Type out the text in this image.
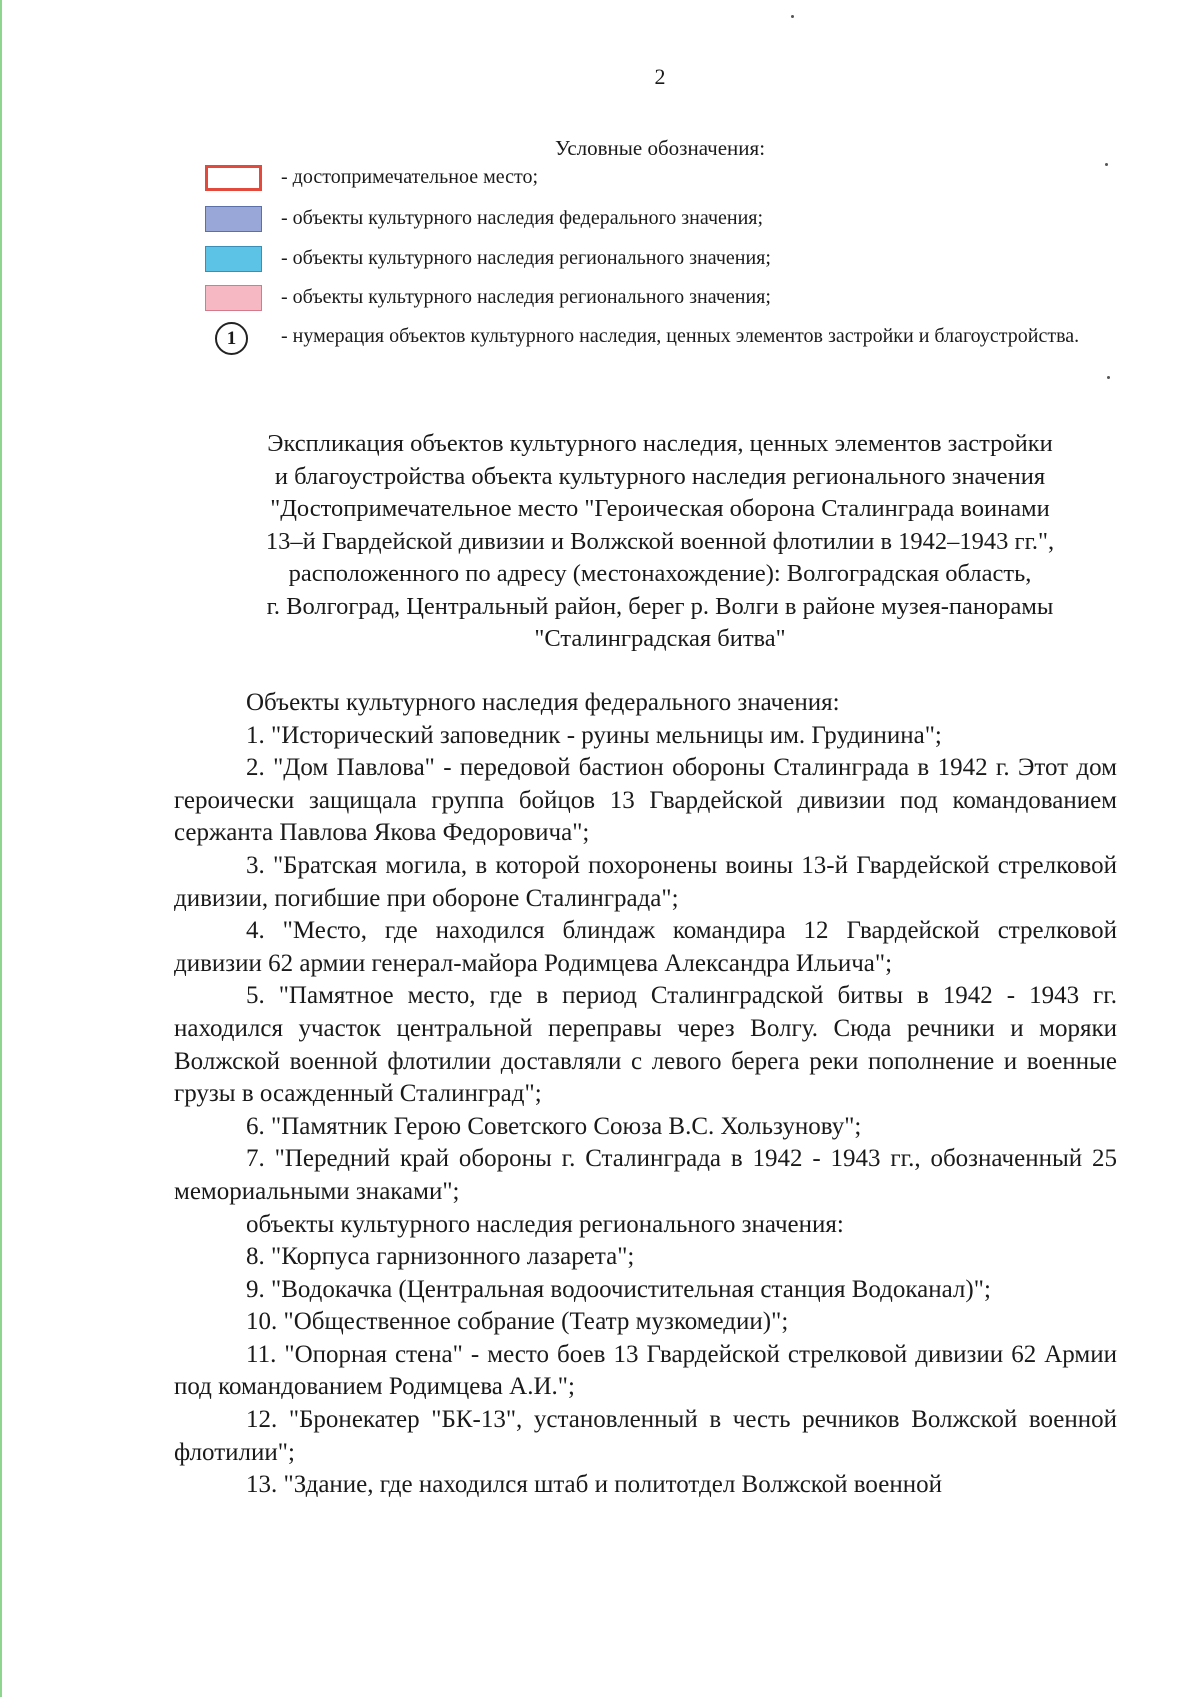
2
Условные обозначения:
- достопримечательное место;
- объекты культурного наследия федерального значения;
- объекты культурного наследия регионального значения;
- объекты культурного наследия регионального значения;
1	- нумерация объектов культурного наследия, ценных элементов застройки и благоустройства.
Экспликация объектов культурного наследия, ценных элементов застройки
и благоустройства объекта культурного наследия регионального значения
"Достопримечательное место "Героическая оборона Сталинграда воинами
13–й Гвардейской дивизии и Волжской военной флотилии в 1942–1943 гг.",
расположенного по адресу (местонахождение): Волгоградская область,
г. Волгоград, Центральный район, берег р. Волги в районе музея-панорамы
"Сталинградская битва"

Объекты культурного наследия федерального значения:

1. "Исторический заповедник - руины мельницы им. Грудинина";

2. "Дом Павлова" - передовой бастион обороны Сталинграда в 1942 г. Этот дом героически защищала группа бойцов 13 Гвардейской дивизии под командованием сержанта Павлова Якова Федоровича";

3. "Братская могила, в которой похоронены воины 13-й Гвардейской стрелковой дивизии, погибшие при обороне Сталинграда";

4. "Место, где находился блиндаж командира 12 Гвардейской стрелковой дивизии 62 армии генерал-майора Родимцева Александра Ильича";

5. "Памятное место, где в период Сталинградской битвы в 1942 - 1943 гг. находился участок центральной переправы через Волгу. Сюда речники и моряки Волжской военной флотилии доставляли с левого берега реки пополнение и военные грузы в осажденный Сталинград";

6. "Памятник Герою Советского Союза В.С. Хользунову";

7. "Передний край обороны г. Сталинграда в 1942 - 1943 гг., обозначенный 25 мемориальными знаками";

объекты культурного наследия регионального значения:

8. "Корпуса гарнизонного лазарета";

9. "Водокачка (Центральная водоочистительная станция Водоканал)";

10. "Общественное собрание (Театр музкомедии)";

11. "Опорная стена" - место боев 13 Гвардейской стрелковой дивизии 62 Армии под командованием Родимцева А.И.";

12. "Бронекатер "БК-13", установленный в честь речников Волжской военной флотилии";

13. "Здание, где находился штаб и политотдел Волжской военной
